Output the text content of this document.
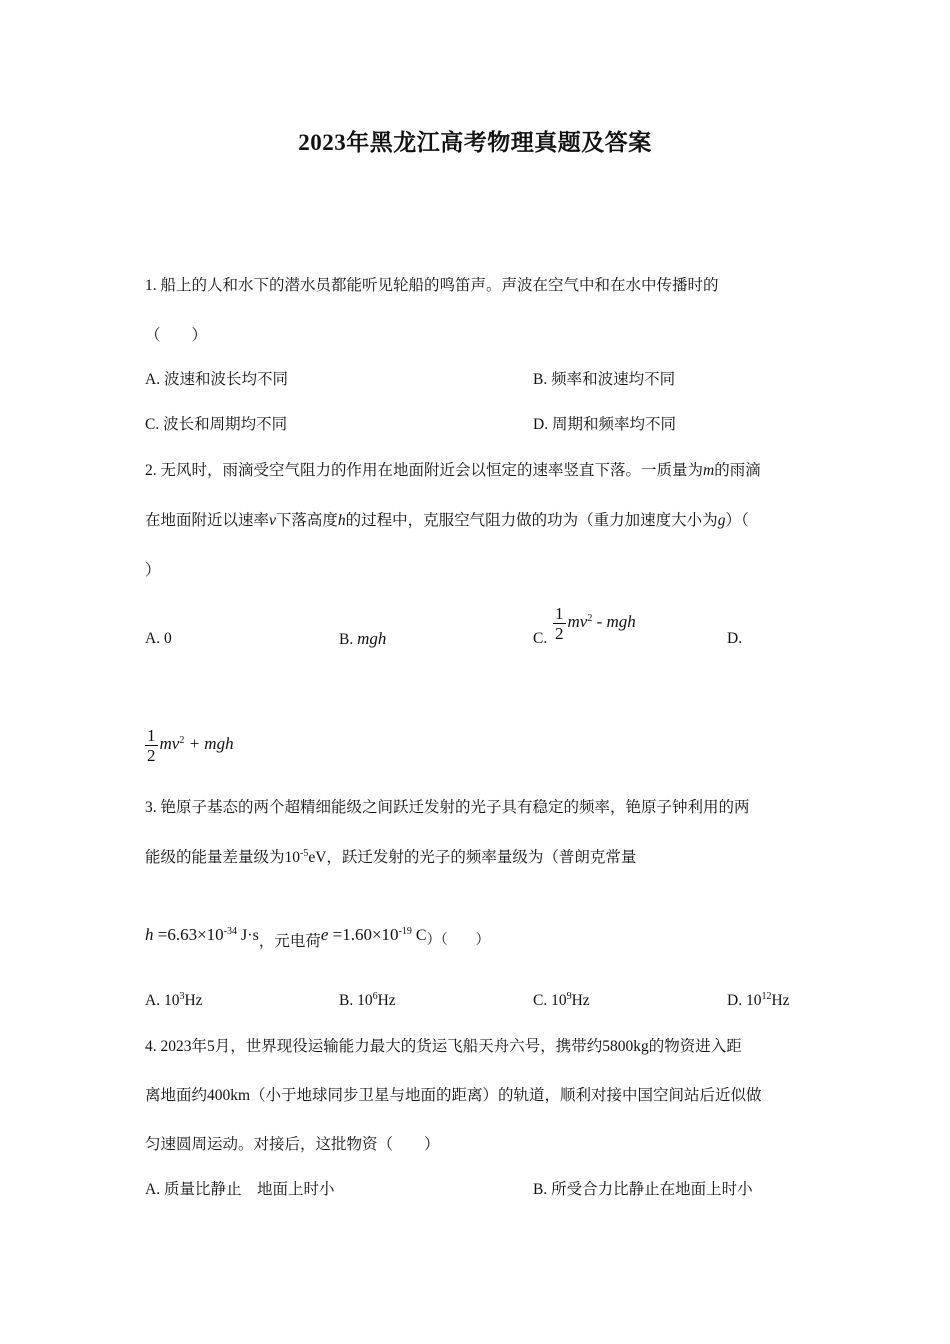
2023年黑龙江高考物理真题及答案
1. 船上的人和水下的潜水员都能听见轮船的鸣笛声。声波在空气中和在水中传播时的
（　　）
A. 波速和波长均不同	B. 频率和波速均不同
C. 波长和周期均不同	D. 周期和频率均不同
2. 无风时，雨滴受空气阻力的作用在地面附近会以恒定的速率竖直下落。一质量为m的雨滴
在地面附近以速率v下落高度h的过程中，克服空气阻力做的功为（重力加速度大小为g）（
）
A. 0	B. mgh	C. $\frac{1}{2} mv^2$ - mgh
D.
$\frac{1}{2} mv^2$ + mgh
3. 铯原子基态的两个超精细能级之间跃迁发射的光子具有稳定的频率，铯原子钟利用的两
能级的能量差量级为$10^{-5}eV$，跃迁发射的光子的频率量级为（普朗克常量
$h =6.63\times 10^{-34}$ J·s，元电荷$e =1.60\times 10^{-19}$ C）（　　）
A. $10^3Hz$	B. $10^6Hz$	C. $10^9Hz$	D. $10^{12}Hz$
4. 2023年5月，世界现役运输能力最大的货运飞船天舟六号，携带约5800kg的物资进入距
离地面约400km（小于地球同步卫星与地面的距离）的轨道，顺利对接中国空间站后近似做
匀速圆周运动。对接后，这批物资（　　）
A. 质量比静止　地面上时小	B. 所受合力比静止在地面上时小
